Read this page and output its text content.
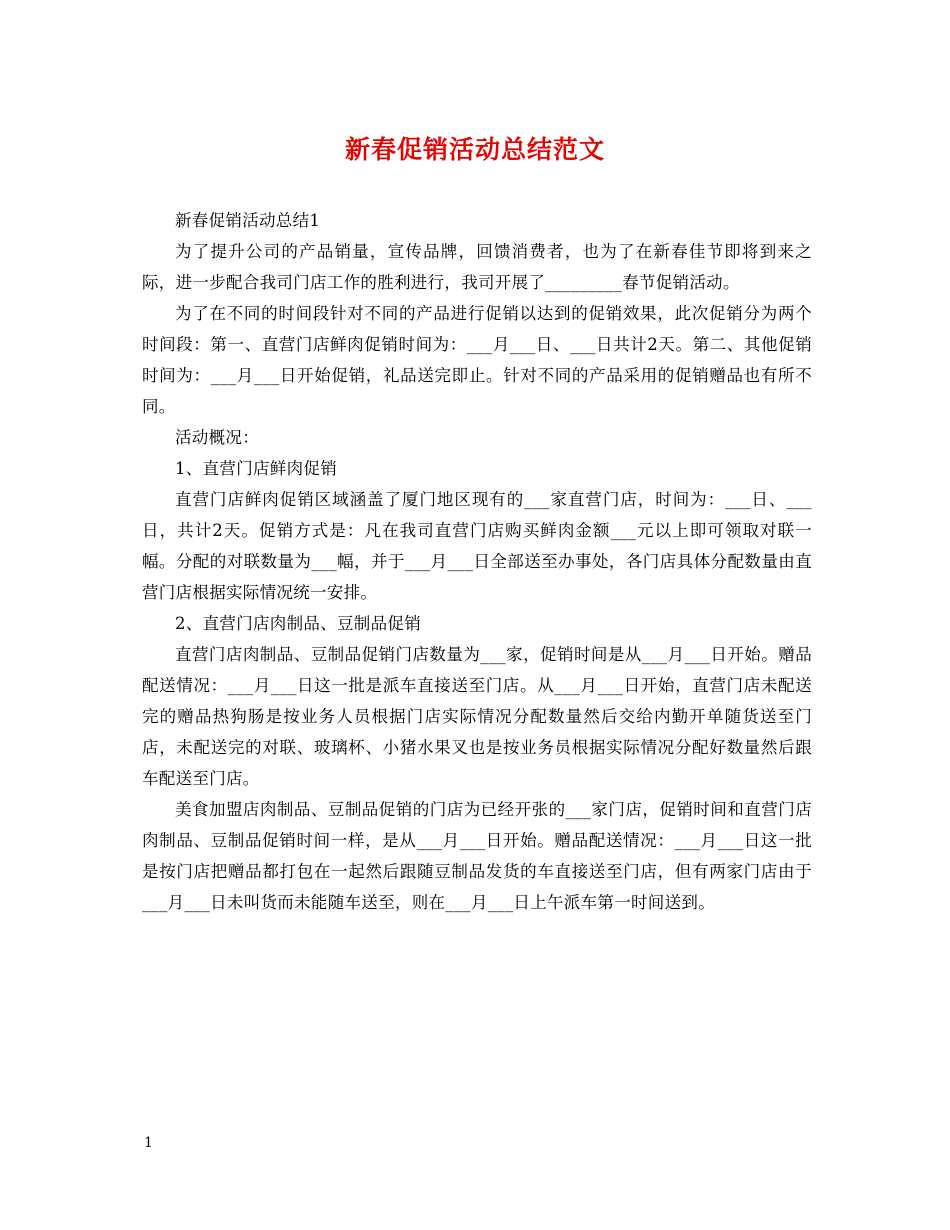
新春促销活动总结范文

新春促销活动总结1

为了提升公司的产品销量，宣传品牌，回馈消费者，也为了在新春佳节即将到来之际，进一步配合我司门店工作的胜利进行，我司开展了_________春节促销活动。

为了在不同的时间段针对不同的产品进行促销以达到的促销效果，此次促销分为两个时间段：第一、直营门店鲜肉促销时间为：___月___日、___日共计2天。第二、其他促销时间为：___月___日开始促销，礼品送完即止。针对不同的产品采用的促销赠品也有所不同。

活动概况：

1、直营门店鲜肉促销

直营门店鲜肉促销区域涵盖了厦门地区现有的___家直营门店，时间为：___日、___日，共计2天。促销方式是：凡在我司直营门店购买鲜肉金额___元以上即可领取对联一幅。分配的对联数量为___幅，并于___月___日全部送至办事处，各门店具体分配数量由直营门店根据实际情况统一安排。

2、直营门店肉制品、豆制品促销

直营门店肉制品、豆制品促销门店数量为___家，促销时间是从___月___日开始。赠品配送情况：___月___日这一批是派车直接送至门店。从___月___日开始，直营门店未配送完的赠品热狗肠是按业务人员根据门店实际情况分配数量然后交给内勤开单随货送至门店，未配送完的对联、玻璃杯、小猪水果叉也是按业务员根据实际情况分配好数量然后跟车配送至门店。

美食加盟店肉制品、豆制品促销的门店为已经开张的___家门店，促销时间和直营门店肉制品、豆制品促销时间一样，是从___月___日开始。赠品配送情况：___月___日这一批是按门店把赠品都打包在一起然后跟随豆制品发货的车直接送至门店，但有两家门店由于___月___日未叫货而未能随车送至，则在___月___日上午派车第一时间送到。

1
